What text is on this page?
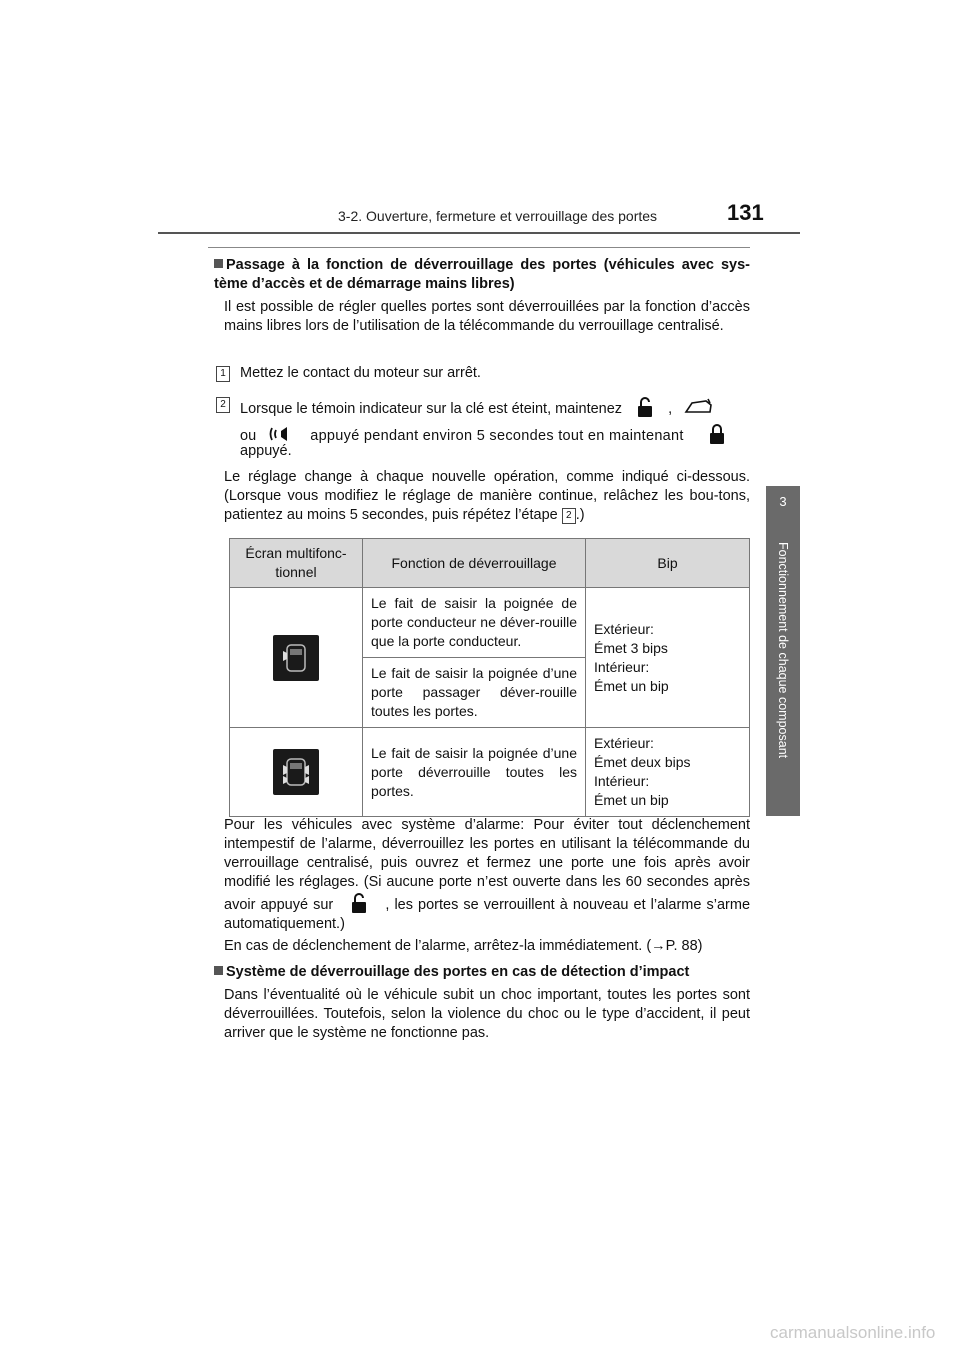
3-2. Ouverture, fermeture et verrouillage des portes	131
3
Fonctionnement de chaque composant
Passage à la fonction de déverrouillage des portes (véhicules avec sys-tème d’accès et de démarrage mains libres)
Il est possible de régler quelles portes sont déverrouillées par la fonction d’accès mains libres lors de l’utilisation de la télécommande du verrouillage centralisé.
1 Mettez le contact du moteur sur arrêt.
2 Lorsque le témoin indicateur sur la clé est éteint, maintenez	,
ou	appuyé pendant environ 5 secondes tout en maintenant
appuyé.
Le réglage change à chaque nouvelle opération, comme indiqué ci-dessous. (Lorsque vous modifiez le réglage de manière continue, relâchez les bou-tons, patientez au moins 5 secondes, puis répétez l’étape 2 .)
Écran multifonc-tionnel	Fonction de déverrouillage	Bip

	Le fait de saisir la poignée de porte conducteur ne déver-rouille que la porte conducteur.	Extérieur:
Émet 3 bips
Intérieur:
Émet un bip

	Le fait de saisir la poignée d’une porte passager déver-rouille toutes les portes.	

	Le fait de saisir la poignée d’une porte déverrouille toutes les portes.	Extérieur:
Émet deux bips
Intérieur:
Émet un bip
Pour les véhicules avec système d’alarme: Pour éviter tout déclenchement intempestif de l’alarme, déverrouillez les portes en utilisant la télécommande du verrouillage centralisé, puis ouvrez et fermez une porte une fois après avoir modifié les réglages. (Si aucune porte n’est ouverte dans les 60 secondes après avoir appuyé sur	, les portes se verrouillent à nouveau et l’alarme s’arme automatiquement.)
En cas de déclenchement de l’alarme, arrêtez-la immédiatement. (→P. 88)
Système de déverrouillage des portes en cas de détection d’impact
Dans l’éventualité où le véhicule subit un choc important, toutes les portes sont déverrouillées. Toutefois, selon la violence du choc ou le type d’accident, il peut arriver que le système ne fonctionne pas.
carmanualsonline.info
